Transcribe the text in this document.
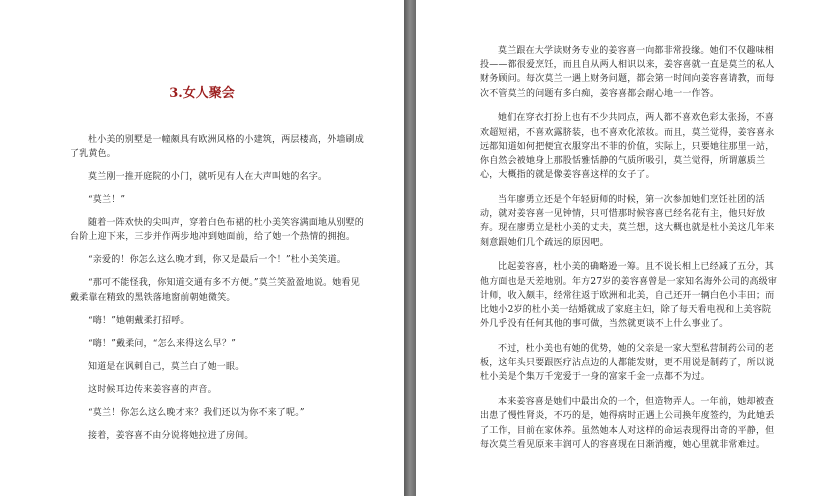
3.女人聚会

杜小美的别墅是一幢颇具有欧洲风格的小建筑，两层楼高，外墙刷成了乳黄色。

莫兰刚一推开庭院的小门，就听见有人在大声叫她的名字。

“莫兰！”

随着一阵欢快的尖叫声，穿着白色布裙的杜小美笑容满面地从别墅的台阶上迎下来，三步并作两步地冲到她面前，给了她一个热情的拥抱。

“亲爱的！你怎么这么晚才到，你又是最后一个！”杜小美笑道。

“那可不能怪我，你知道交通有多不方便。”莫兰笑盈盈地说。她看见戴柔靠在精致的黑铁落地窗前朝她微笑。

“嗨！”她朝戴柔打招呼。

“嗨！”戴柔问，“怎么来得这么早？”

知道是在讽刺自己，莫兰白了她一眼。

这时候耳边传来姜容喜的声音。

“莫兰！你怎么这么晚才来？我们还以为你不来了呢。”

接着，姜容喜不由分说将她拉进了房间。

莫兰跟在大学读财务专业的姜容喜一向都非常投缘。她们不仅趣味相投——都很爱烹饪，而且自从两人相识以来，姜容喜就一直是莫兰的私人财务顾问。每次莫兰一遇上财务问题，都会第一时间向姜容喜请教，而每次不管莫兰的问题有多白痴，姜容喜都会耐心地一一作答。

她们在穿衣打扮上也有不少共同点，两人都不喜欢色彩太张扬，不喜欢超短裙，不喜欢露脐装，也不喜欢化浓妆。而且，莫兰觉得，姜容喜永远都知道如何把便宜衣服穿出不菲的价值，实际上，只要她往那里一站，你自然会被她身上那股恬雅恬静的气质所吸引，莫兰觉得，所谓蕙质兰心，大概指的就是像姜容喜这样的女子了。

当年廖勇立还是个年轻厨师的时候，第一次参加她们烹饪社团的活动，就对姜容喜一见钟情，只可惜那时候容喜已经名花有主，他只好放弃。现在廖勇立是杜小美的丈夫，莫兰想，这大概也就是杜小美这几年来刻意跟她们几个疏远的原因吧。

比起姜容喜，杜小美的确略逊一筹。且不说长相上已经减了五分，其他方面也是天差地别。年方27岁的姜容喜曾是一家知名海外公司的高级审计师，收入颇丰，经常往返于欧洲和北美，自己还开一辆白色小丰田；而比她小2岁的杜小美一结婚就成了家庭主妇，除了每天看电视和上美容院外几乎没有任何其他的事可做，当然就更谈不上什么事业了。

不过，杜小美也有她的优势，她的父亲是一家大型私营制药公司的老板，这年头只要跟医疗沾点边的人都能发财，更不用说是制药了，所以说杜小美是个集万千宠爱于一身的富家千金一点都不为过。

本来姜容喜是她们中最出众的一个，但造物弄人。一年前，她却被查出患了慢性肾炎，不巧的是，她得病时正遇上公司换年度签约，为此她丢了工作，目前在家休养。虽然她本人对这样的命运表现得出奇的平静，但每次莫兰看见原来丰润可人的容喜现在日渐消瘦，她心里就非常难过。
